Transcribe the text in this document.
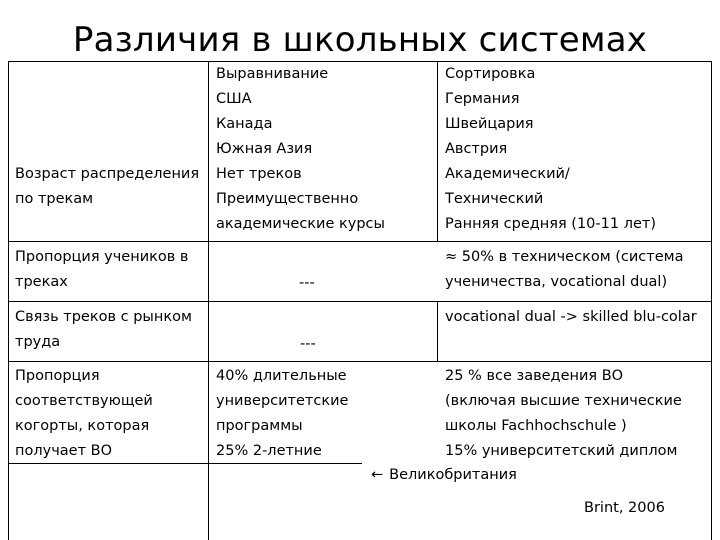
Различия в школьных системах
Выравнивание
США
Канада
Южная Азия
Сортировка
Германия
Швейцария
Австрия
Возраст распределения
по трекам
Нет треков
Преимущественно
академические курсы
Академический/
Технический
Ранняя средняя (10-11 лет)
Пропорция учеников в
треках	---
≈ 50% в техническом (система
ученичества, vocational dual)
Связь треков с рынком
труда	---
vocational dual -> skilled blu-colar
Пропорция
соответствующей
когорты, которая
получает ВО
40% длительные
университетские
программы
25% 2-летние
25 % все заведения ВО
(включая высшие технические
школы Fachhochschule )
15% университетский диплом
← Великобритания
Brint, 2006
